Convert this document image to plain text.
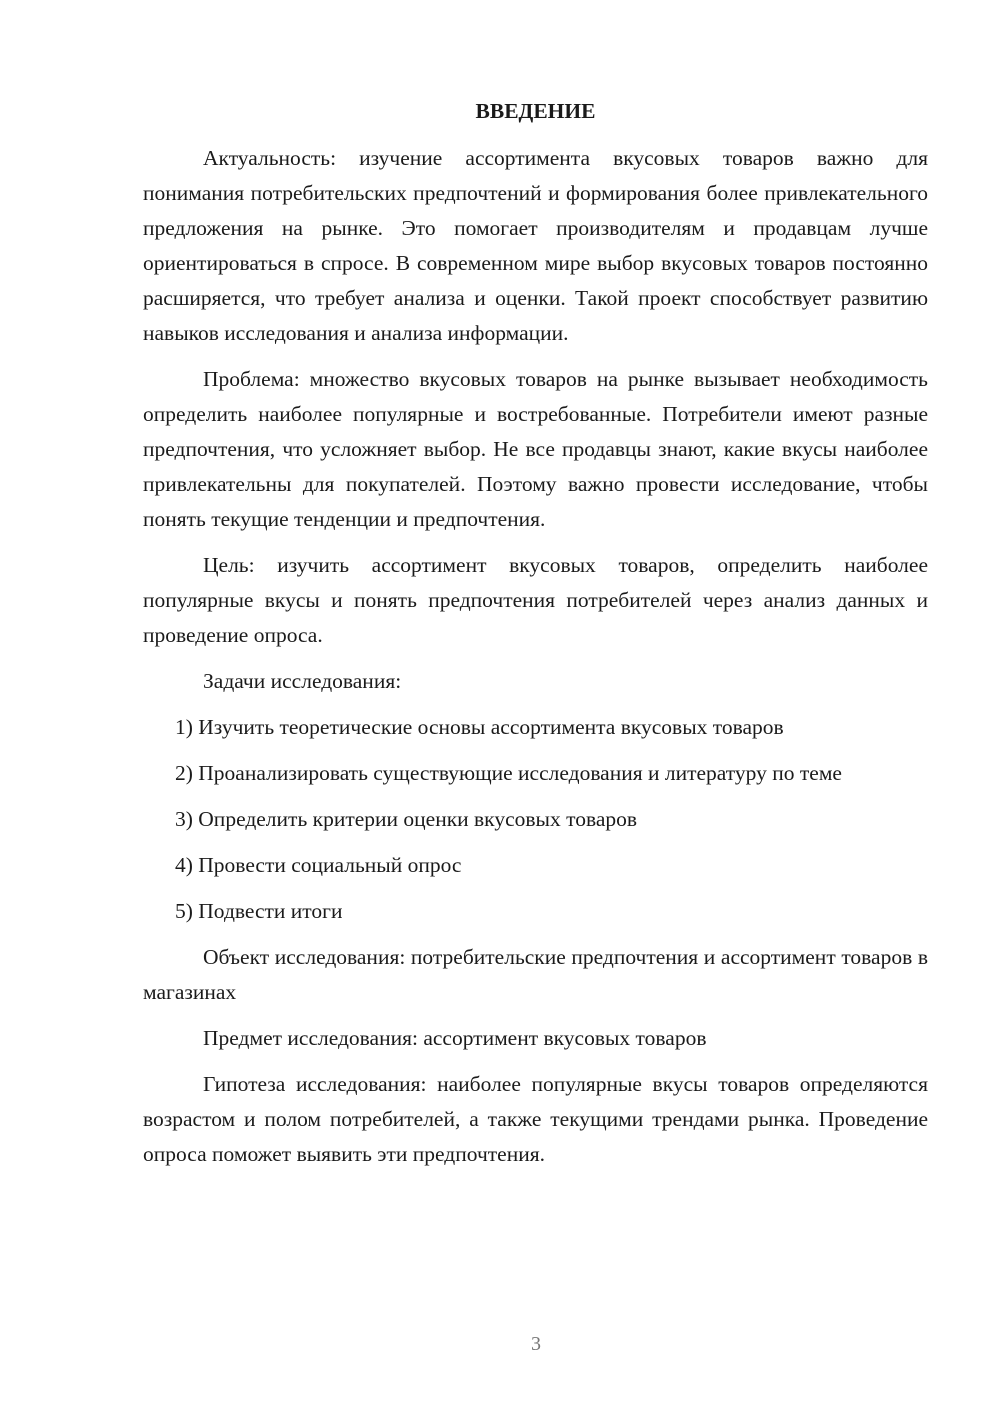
ВВЕДЕНИЕ

Актуальность: изучение ассортимента вкусовых товаров важно для понимания потребительских предпочтений и формирования более привлекательного предложения на рынке. Это помогает производителям и продавцам лучше ориентироваться в спросе. В современном мире выбор вкусовых товаров постоянно расширяется, что требует анализа и оценки. Такой проект способствует развитию навыков исследования и анализа информации.

Проблема: множество вкусовых товаров на рынке вызывает необходимость определить наиболее популярные и востребованные. Потребители имеют разные предпочтения, что усложняет выбор. Не все продавцы знают, какие вкусы наиболее привлекательны для покупателей. Поэтому важно провести исследование, чтобы понять текущие тенденции и предпочтения.

Цель: изучить ассортимент вкусовых товаров, определить наиболее популярные вкусы и понять предпочтения потребителей через анализ данных и проведение опроса.

Задачи исследования:

1) Изучить теоретические основы ассортимента вкусовых товаров

2) Проанализировать существующие исследования и литературу по теме

3) Определить критерии оценки вкусовых товаров

4) Провести социальный опрос

5) Подвести итоги

Объект исследования: потребительские предпочтения и ассортимент товаров в магазинах

Предмет исследования: ассортимент вкусовых товаров

Гипотеза исследования: наиболее популярные вкусы товаров определяются возрастом и полом потребителей, а также текущими трендами рынка. Проведение опроса поможет выявить эти предпочтения.

3
